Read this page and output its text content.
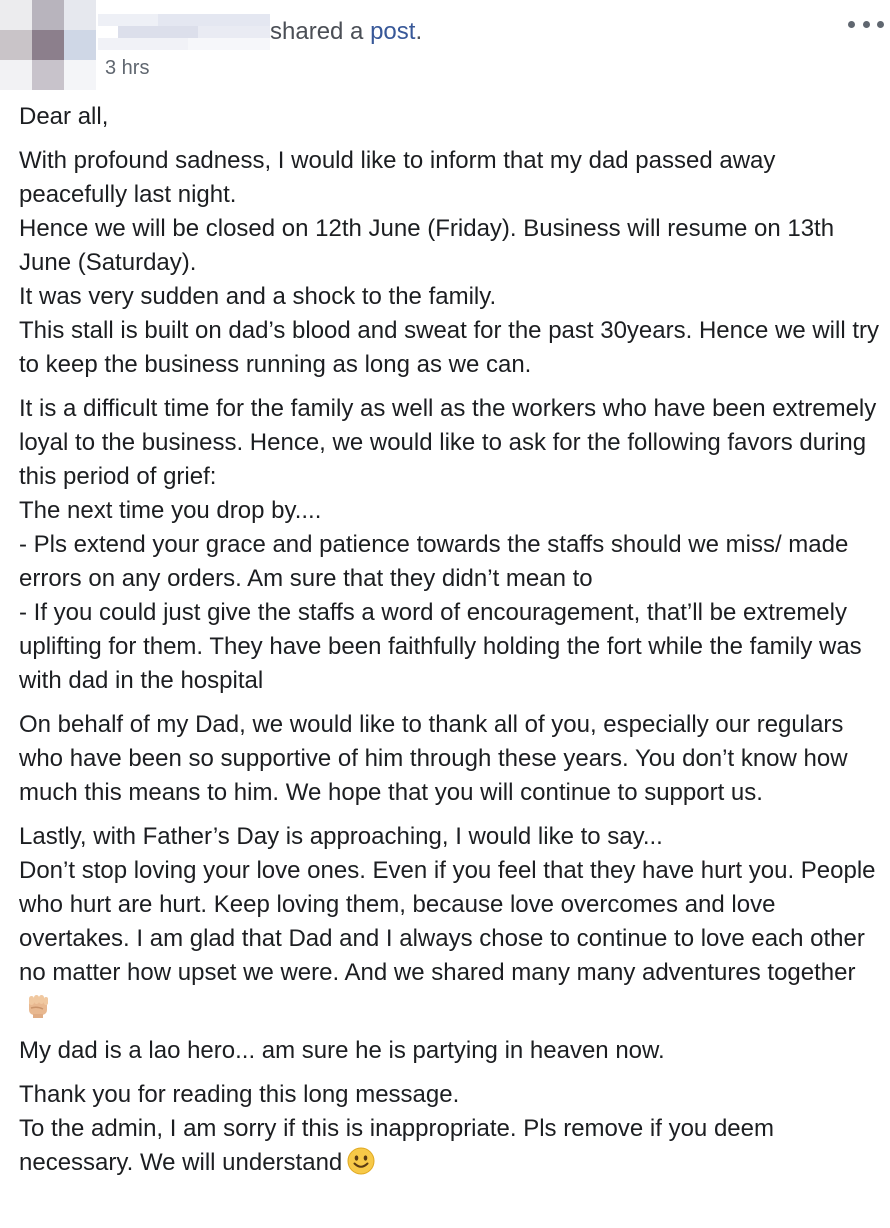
shared a post.
3 hrs

Dear all,

With profound sadness, I would like to inform that my dad passed away peacefully last night.
Hence we will be closed on 12th June (Friday). Business will resume on 13th June (Saturday).
It was very sudden and a shock to the family.
This stall is built on dad’s blood and sweat for the past 30years. Hence we will try to keep the business running as long as we can.

It is a difficult time for the family as well as the workers who have been extremely loyal to the business. Hence, we would like to ask for the following favors during this period of grief:
The next time you drop by....
- Pls extend your grace and patience towards the staffs should we miss/ made errors on any orders. Am sure that they didn’t mean to
- If you could just give the staffs a word of encouragement, that’ll be extremely uplifting for them. They have been faithfully holding the fort while the family was with dad in the hospital

On behalf of my Dad, we would like to thank all of you, especially our regulars who have been so supportive of him through these years. You don’t know how much this means to him. We hope that you will continue to support us.

Lastly, with Father’s Day is approaching, I would like to say...
Don’t stop loving your love ones. Even if you feel that they have hurt you. People who hurt are hurt. Keep loving them, because love overcomes and love overtakes. I am glad that Dad and I always chose to continue to love each other no matter how upset we were. And we shared many many adventures together

My dad is a lao hero... am sure he is partying in heaven now.

Thank you for reading this long message.
To the admin, I am sorry if this is inappropriate. Pls remove if you deem necessary. We will understand
